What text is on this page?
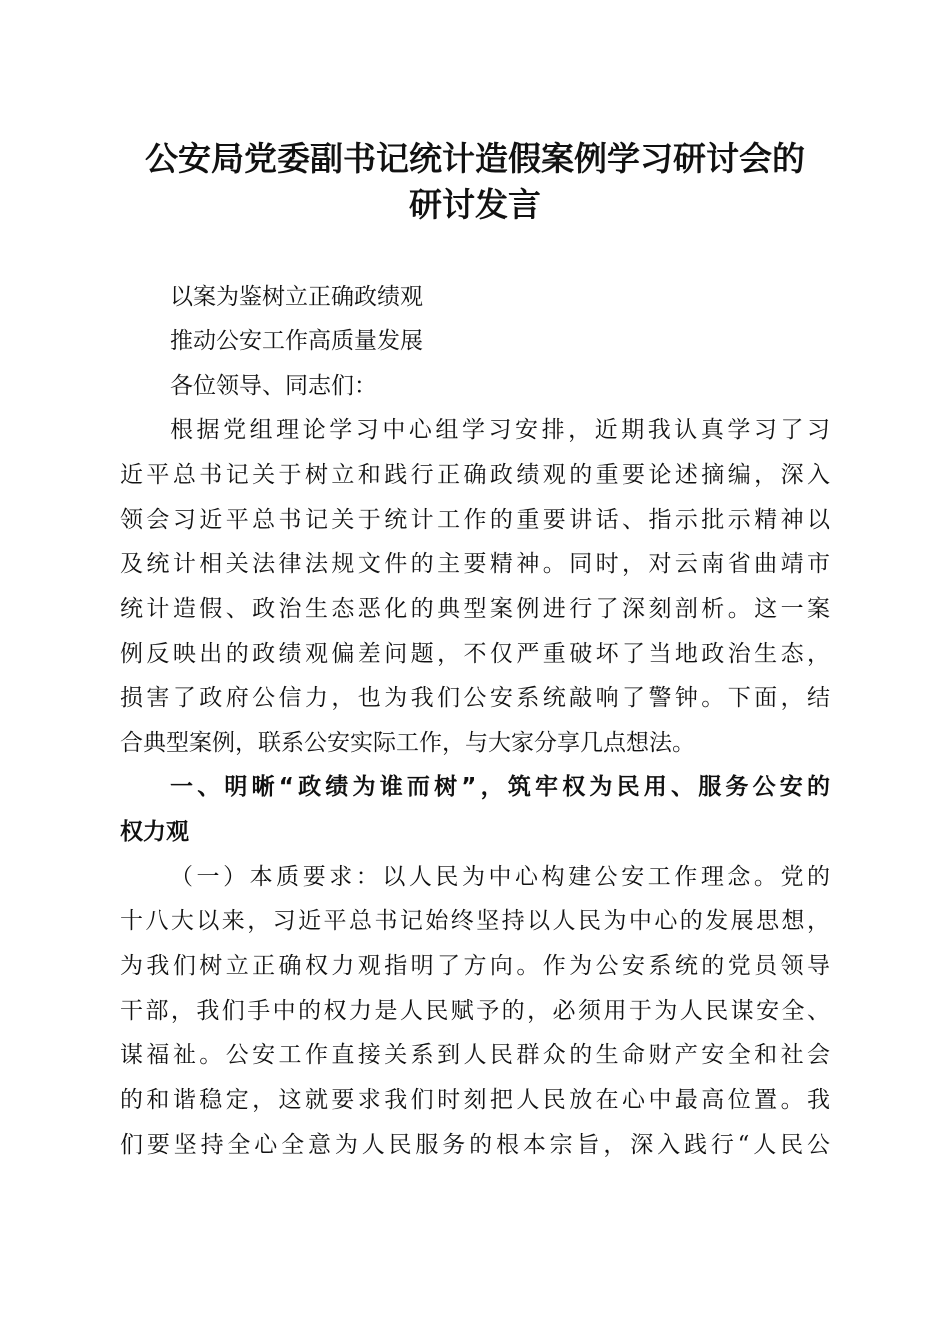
公安局党委副书记统计造假案例学习研讨会的
研讨发言
以案为鉴树立正确政绩观
推动公安工作高质量发展
各位领导、同志们：
根据党组理论学习中心组学习安排，近期我认真学习了习
近平总书记关于树立和践行正确政绩观的重要论述摘编，深入
领会习近平总书记关于统计工作的重要讲话、指示批示精神以
及统计相关法律法规文件的主要精神。同时，对云南省曲靖市
统计造假、政治生态恶化的典型案例进行了深刻剖析。这一案
例反映出的政绩观偏差问题，不仅严重破坏了当地政治生态，
损害了政府公信力，也为我们公安系统敲响了警钟。下面，结
合典型案例，联系公安实际工作，与大家分享几点想法。
一、明晰“政绩为谁而树”，筑牢权为民用、服务公安的
权力观
（一）本质要求：以人民为中心构建公安工作理念。党的
十八大以来，习近平总书记始终坚持以人民为中心的发展思想，
为我们树立正确权力观指明了方向。作为公安系统的党员领导
干部，我们手中的权力是人民赋予的，必须用于为人民谋安全、
谋福祉。公安工作直接关系到人民群众的生命财产安全和社会
的和谐稳定，这就要求我们时刻把人民放在心中最高位置。我
们要坚持全心全意为人民服务的根本宗旨，深入践行“人民公
